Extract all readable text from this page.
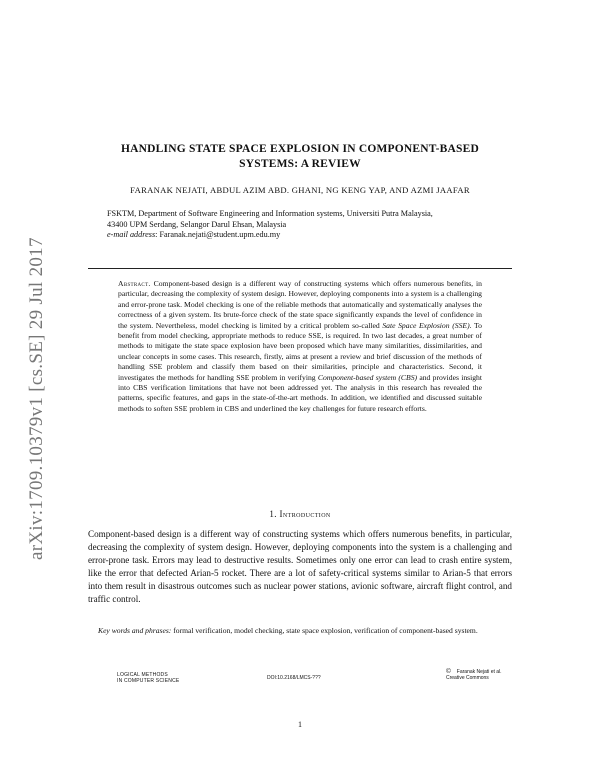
arXiv:1709.10379v1 [cs.SE] 29 Jul 2017
HANDLING STATE SPACE EXPLOSION IN COMPONENT-BASED
SYSTEMS: A REVIEW
FARANAK NEJATI, ABDUL AZIM ABD. GHANI, NG KENG YAP, AND AZMI JAAFAR
FSKTM, Department of Software Engineering and Information systems, Universiti Putra Malaysia,
43400 UPM Serdang, Selangor Darul Ehsan, Malaysia
e-mail address: Faranak.nejati@student.upm.edu.my
Abstract. Component-based design is a different way of constructing systems which offers numerous benefits, in particular, decreasing the complexity of system design. However, deploying components into a system is a challenging and error-prone task. Model checking is one of the reliable methods that automatically and systematically analyses the correctness of a given system. Its brute-force check of the state space significantly expands the level of confidence in the system. Nevertheless, model checking is limited by a critical problem so-called Sate Space Explosion (SSE). To benefit from model checking, appropriate methods to reduce SSE, is required. In two last decades, a great number of methods to mitigate the state space explosion have been proposed which have many similarities, dissimilarities, and unclear concepts in some cases. This research, firstly, aims at present a review and brief discussion of the methods of handling SSE problem and classify them based on their similarities, principle and characteristics. Second, it investigates the methods for handling SSE problem in verifying Component-based system (CBS) and provides insight into CBS verification limitations that have not been addressed yet. The analysis in this research has revealed the patterns, specific features, and gaps in the state-of-the-art methods. In addition, we identified and discussed suitable methods to soften SSE problem in CBS and underlined the key challenges for future research efforts.
1. Introduction
Component-based design is a different way of constructing systems which offers numerous benefits, in particular, decreasing the complexity of system design. However, deploying components into the system is a challenging and error-prone task. Errors may lead to destructive results. Sometimes only one error can lead to crash entire system, like the error that defected Arian-5 rocket. There are a lot of safety-critical systems similar to Arian-5 that errors into them result in disastrous outcomes such as nuclear power stations, avionic software, aircraft flight control, and traffic control.
Key words and phrases: formal verification, model checking, state space explosion, verification of component-based system.
LOGICAL METHODS
IN COMPUTER SCIENCE	DOI:10.2168/LMCS-???
© Faranak Nejati et al.
Creative Commons
1
